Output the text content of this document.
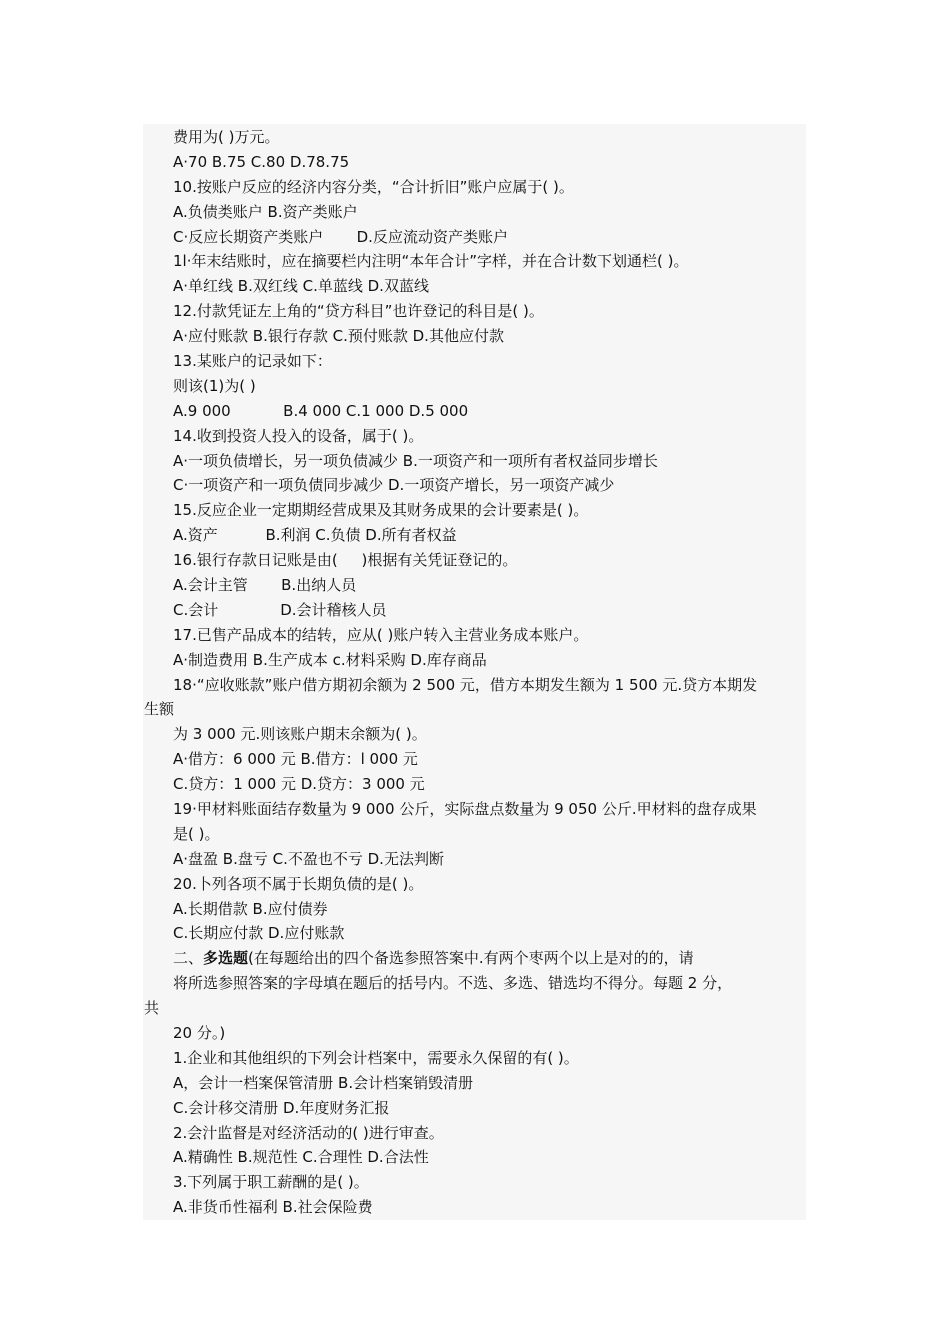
费用为( )万元。
A·70 B.75 C.80 D.78.75
10.按账户反应的经济内容分类，“合计折旧”账户应属于( )。
A.负债类账户 B.资产类账户
C·反应长期资产类账户       D.反应流动资产类账户
1l·年末结账时，应在摘要栏内注明“本年合计”字样，并在合计数下划通栏( )。
A·单红线 B.双红线 C.单蓝线 D.双蓝线
12.付款凭证左上角的“贷方科目”也许登记的科目是( )。
A·应付账款 B.银行存款 C.预付账款 D.其他应付款
13.某账户的记录如下：
则该(1)为( )
A.9 000           B.4 000 C.1 000 D.5 000
14.收到投资人投入的设备，属于( )。
A·一项负债增长，另一项负债减少 B.一项资产和一项所有者权益同步增长
C·一项资产和一项负债同步减少 D.一项资产增长，另一项资产减少
15.反应企业一定期期经营成果及其财务成果的会计要素是( )。
A.资产          B.利润 C.负债 D.所有者权益
16.银行存款日记账是由(     )根据有关凭证登记的。
A.会计主管       B.出纳人员
C.会计             D.会计稽核人员
17.已售产品成本的结转，应从( )账户转入主营业务成本账户。
A·制造费用 B.生产成本 c.材料采购 D.库存商品
18·“应收账款”账户借方期初余额为 2 500 元，借方本期发生额为 1 500 元.贷方本期发
生额
为 3 000 元.则该账户期末余额为( )。
A·借方：6 000 元 B.借方：l 000 元
C.贷方：1 000 元 D.贷方：3 000 元
19·甲材料账面结存数量为 9 000 公斤，实际盘点数量为 9 050 公斤.甲材料的盘存成果
是( )。
A·盘盈 B.盘亏 C.不盈也不亏 D.无法判断
20.卜列各项不属于长期负债的是( )。
A.长期借款 B.应付债券
C.长期应付款 D.应付账款
二、多选题(在每题给出的四个备选参照答案中.有两个枣两个以上是对的的，请
将所选参照答案的字母填在题后的括号内。不选、多选、错选均不得分。每题 2 分，
共
20 分。)
1.企业和其他组织的下列会计档案中，需要永久保留的有( )。
A，会计一档案保管清册 B.会计档案销毁清册
C.会计移交清册 D.年度财务汇报
2.会汁监督是对经济活动的( )进行审查。
A.精确性 B.规范性 C.合理性 D.合法性
3.下列属于职工薪酬的是( )。
A.非货币性福利 B.社会保险费
